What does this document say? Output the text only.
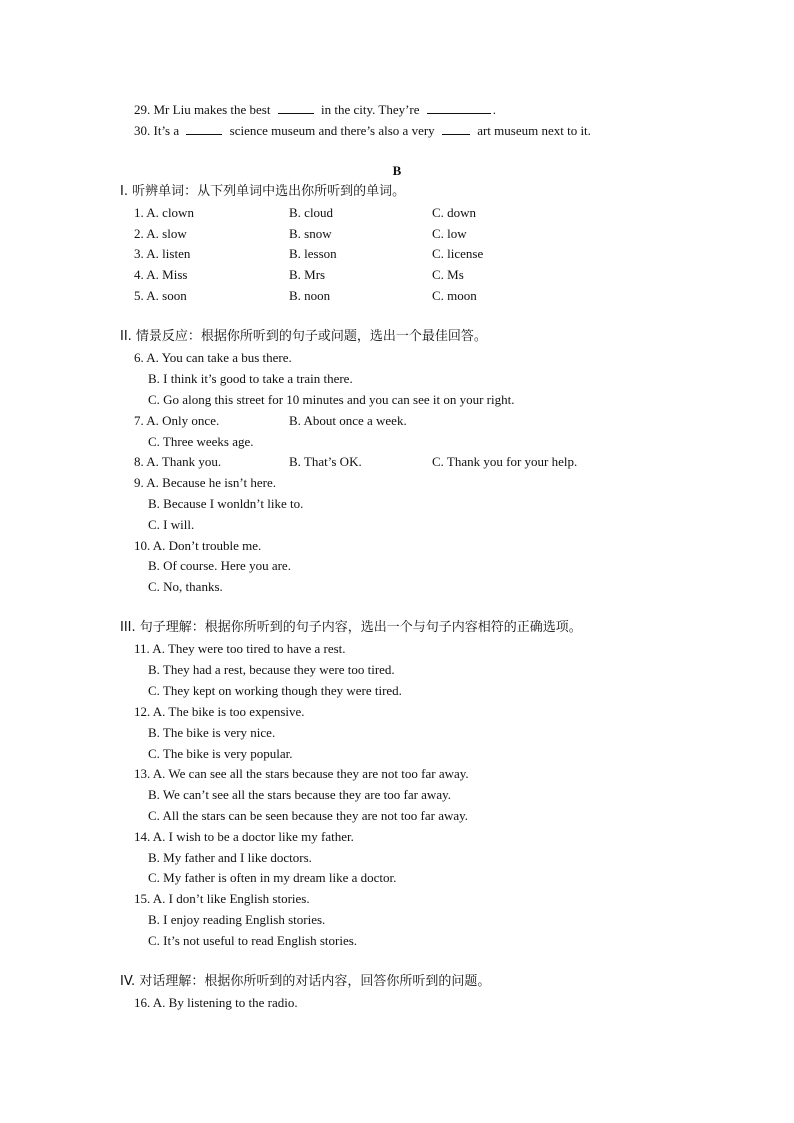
29. Mr Liu makes the best	in the city. They’re	.
30. It’s a	science museum and there’s also a very	art museum next to it.
B
Ⅰ. 听辨单词：从下列单词中选出你所听到的单词。
1. A. clown	B. cloud	C. down
2. A. slow	B. snow	C. low
3. A. listen	B. lesson	C. license
4. A. Miss	B. Mrs	C. Ms
5. A. soon	B. noon	C. moon
II. 情景反应：根据你所听到的句子或问题，选出一个最佳回答。
6. A. You can take a bus there.
B. I think it’s good to take a train there.
C. Go along this street for 10 minutes and you can see it on your right.
7. A. Only once.	B. About once a week.
C. Three weeks age.
8. A. Thank you.	B. That’s OK.	C. Thank you for your help.
9. A. Because he isn’t here.
B. Because I wonldn’t like to.
C. I will.
10. A. Don’t trouble me.
B. Of course. Here you are.
C. No, thanks.
III. 句子理解：根据你所听到的句子内容，选出一个与句子内容相符的正确选项。
11. A. They were too tired to have a rest.
B. They had a rest, because they were too tired.
C. They kept on working though they were tired.
12. A. The bike is too expensive.
B. The bike is very nice.
C. The bike is very popular.
13. A. We can see all the stars because they are not too far away.
B. We can’t see all the stars because they are too far away.
C. All the stars can be seen because they are not too far away.
14. A. I wish to be a doctor like my father.
B. My father and I like doctors.
C. My father is often in my dream like a doctor.
15. A. I don’t like English stories.
B. I enjoy reading English stories.
C. It’s not useful to read English stories.
IV. 对话理解：根据你所听到的对话内容，回答你所听到的问题。
16. A. By listening to the radio.
